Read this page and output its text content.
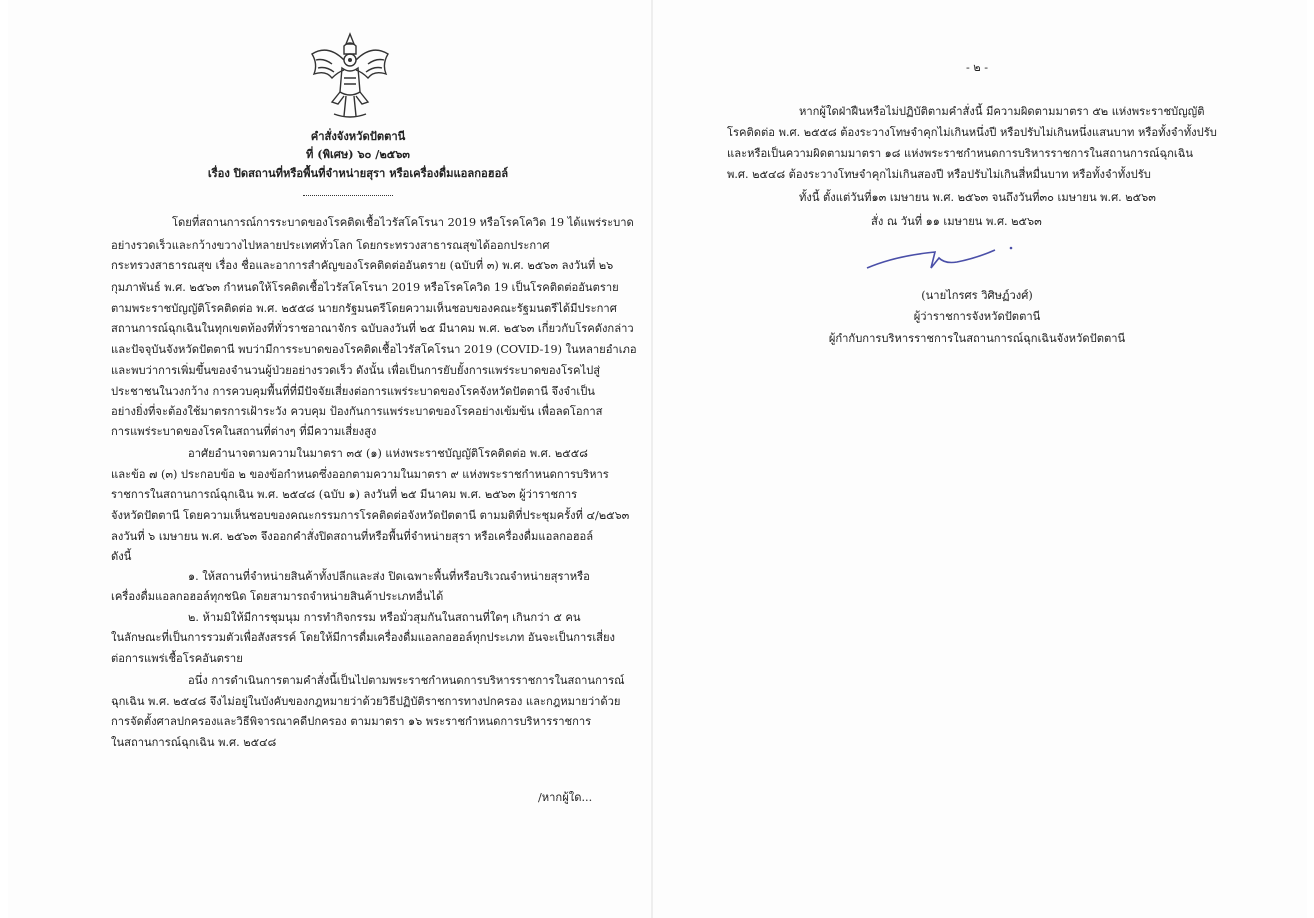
คำสั่งจังหวัดปัตตานี

ที่ (พิเศษ) ๖๐ /๒๕๖๓

เรื่อง ปิดสถานที่หรือพื้นที่จำหน่ายสุรา หรือเครื่องดื่มแอลกอฮอล์

โดยที่สถานการณ์การระบาดของโรคติดเชื้อไวรัสโคโรนา 2019 หรือโรคโควิด 19 ได้แพร่ระบาด

อย่างรวดเร็วและกว้างขวางไปหลายประเทศทั่วโลก โดยกระทรวงสาธารณสุขได้ออกประกาศ

กระทรวงสาธารณสุข เรื่อง ชื่อและอาการสำคัญของโรคติดต่ออันตราย (ฉบับที่ ๓) พ.ศ. ๒๕๖๓ ลงวันที่ ๒๖

กุมภาพันธ์ พ.ศ. ๒๕๖๓ กำหนดให้โรคติดเชื้อไวรัสโคโรนา 2019 หรือโรคโควิด 19 เป็นโรคติดต่ออันตราย

ตามพระราชบัญญัติโรคติดต่อ พ.ศ. ๒๕๕๘ นายกรัฐมนตรีโดยความเห็นชอบของคณะรัฐมนตรีได้มีประกาศ

สถานการณ์ฉุกเฉินในทุกเขตท้องที่ทั่วราชอาณาจักร ฉบับลงวันที่ ๒๕ มีนาคม พ.ศ. ๒๕๖๓ เกี่ยวกับโรคดังกล่าว

และปัจจุบันจังหวัดปัตตานี พบว่ามีการระบาดของโรคติดเชื้อไวรัสโคโรนา 2019 (COVID-19) ในหลายอำเภอ

และพบว่าการเพิ่มขึ้นของจำนวนผู้ป่วยอย่างรวดเร็ว ดังนั้น เพื่อเป็นการยับยั้งการแพร่ระบาดของโรคไปสู่

ประชาชนในวงกว้าง การควบคุมพื้นที่ที่มีปัจจัยเสี่ยงต่อการแพร่ระบาดของโรคจังหวัดปัตตานี จึงจำเป็น

อย่างยิ่งที่จะต้องใช้มาตรการเฝ้าระวัง ควบคุม ป้องกันการแพร่ระบาดของโรคอย่างเข้มข้น เพื่อลดโอกาส

การแพร่ระบาดของโรคในสถานที่ต่างๆ ที่มีความเสี่ยงสูง

อาศัยอำนาจตามความในมาตรา ๓๕ (๑) แห่งพระราชบัญญัติโรคติดต่อ พ.ศ. ๒๕๕๘

และข้อ ๗ (๓) ประกอบข้อ ๒ ของข้อกำหนดซึ่งออกตามความในมาตรา ๙ แห่งพระราชกำหนดการบริหาร

ราชการในสถานการณ์ฉุกเฉิน พ.ศ. ๒๕๔๘ (ฉบับ ๑) ลงวันที่ ๒๕ มีนาคม พ.ศ. ๒๕๖๓ ผู้ว่าราชการ

จังหวัดปัตตานี โดยความเห็นชอบของคณะกรรมการโรคติดต่อจังหวัดปัตตานี ตามมติที่ประชุมครั้งที่ ๔/๒๕๖๓

ลงวันที่ ๖ เมษายน พ.ศ. ๒๕๖๓ จึงออกคำสั่งปิดสถานที่หรือพื้นที่จำหน่ายสุรา หรือเครื่องดื่มแอลกอฮอล์

ดังนี้

๑. ให้สถานที่จำหน่ายสินค้าทั้งปลีกและส่ง ปิดเฉพาะพื้นที่หรือบริเวณจำหน่ายสุราหรือ

เครื่องดื่มแอลกอฮอล์ทุกชนิด โดยสามารถจำหน่ายสินค้าประเภทอื่นได้

๒. ห้ามมิให้มีการชุมนุม การทำกิจกรรม หรือมั่วสุมกันในสถานที่ใดๆ เกินกว่า ๕ คน

ในลักษณะที่เป็นการรวมตัวเพื่อสังสรรค์ โดยให้มีการดื่มเครื่องดื่มแอลกอฮอล์ทุกประเภท อันจะเป็นการเสี่ยง

ต่อการแพร่เชื้อโรคอันตราย

อนึ่ง การดำเนินการตามคำสั่งนี้เป็นไปตามพระราชกำหนดการบริหารราชการในสถานการณ์

ฉุกเฉิน พ.ศ. ๒๕๔๘ จึงไม่อยู่ในบังคับของกฎหมายว่าด้วยวิธีปฏิบัติราชการทางปกครอง และกฎหมายว่าด้วย

การจัดตั้งศาลปกครองและวิธีพิจารณาคดีปกครอง ตามมาตรา ๑๖ พระราชกำหนดการบริหารราชการ

ในสถานการณ์ฉุกเฉิน พ.ศ. ๒๕๔๘

/หากผู้ใด...

- ๒ -

หากผู้ใดฝ่าฝืนหรือไม่ปฏิบัติตามคำสั่งนี้ มีความผิดตามมาตรา ๕๒ แห่งพระราชบัญญัติ

โรคติดต่อ พ.ศ. ๒๕๕๘ ต้องระวางโทษจำคุกไม่เกินหนึ่งปี หรือปรับไม่เกินหนึ่งแสนบาท หรือทั้งจำทั้งปรับ

และหรือเป็นความผิดตามมาตรา ๑๘ แห่งพระราชกำหนดการบริหารราชการในสถานการณ์ฉุกเฉิน

พ.ศ. ๒๕๔๘ ต้องระวางโทษจำคุกไม่เกินสองปี หรือปรับไม่เกินสี่หมื่นบาท หรือทั้งจำทั้งปรับ

ทั้งนี้ ตั้งแต่วันที่๑๓ เมษายน พ.ศ. ๒๕๖๓ จนถึงวันที่๓๐ เมษายน พ.ศ. ๒๕๖๓

สั่ง ณ วันที่ ๑๑ เมษายน พ.ศ. ๒๕๖๓

(นายไกรศร วิศิษฏ์วงศ์)

ผู้ว่าราชการจังหวัดปัตตานี

ผู้กำกับการบริหารราชการในสถานการณ์ฉุกเฉินจังหวัดปัตตานี
